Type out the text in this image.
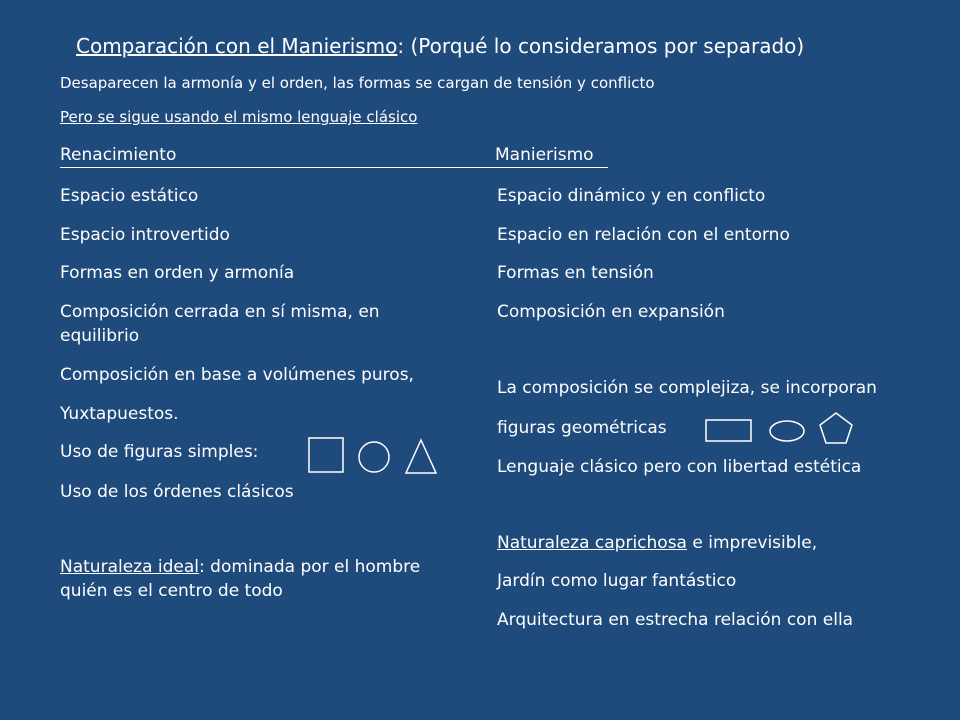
Comparación con el Manierismo: (Porqué lo consideramos por separado)
Desaparecen la armonía y el orden, las formas se cargan de tensión y conflicto
Pero se sigue usando el mismo lenguaje clásico
Renacimiento	Manierismo
Espacio estático
Espacio introvertido
Formas en orden y armonía
Composición cerrada en sí misma, en equilibrio
Composición en base a volúmenes puros,
Yuxtapuestos.
Uso de figuras simples:
Uso de los órdenes clásicos
Naturaleza ideal: dominada por el hombre quién es el centro de todo
Espacio dinámico y en conflicto
Espacio en relación con el entorno
Formas en tensión
Composición en expansión
La composición se complejiza, se incorporan
figuras geométricas
Lenguaje clásico pero con libertad estética
Naturaleza caprichosa e imprevisible,
Jardín como lugar fantástico
Arquitectura en estrecha relación con ella
